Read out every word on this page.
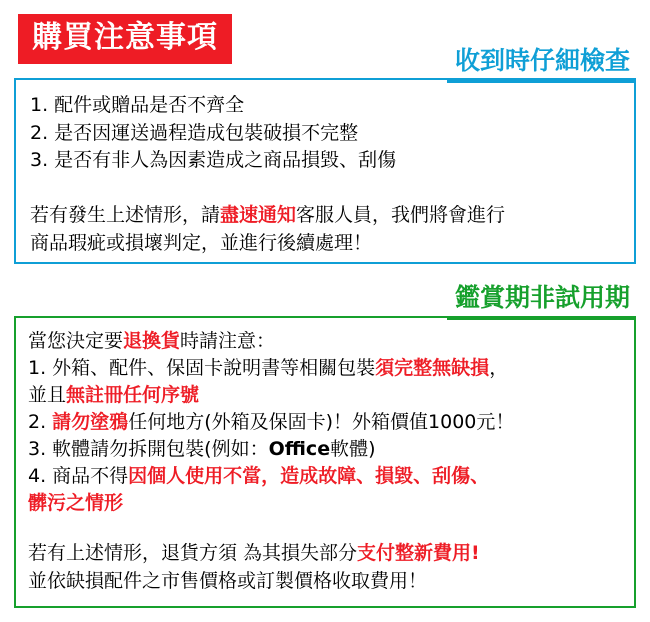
購買注意事項
收到時仔細檢查
1. 配件或贈品是否不齊全
2. 是否因運送過程造成包裝破損不完整
3. 是否有非人為因素造成之商品損毀、刮傷
若有發生上述情形，請盡速通知客服人員，我們將會進行
商品瑕疵或損壞判定，並進行後續處理！
鑑賞期非試用期
當您決定要退換貨時請注意：
1. 外箱、配件、保固卡說明書等相關包裝須完整無缺損，
並且無註冊任何序號
2. 請勿塗鴉任何地方(外箱及保固卡)！外箱價值1000元！
3. 軟體請勿拆開包裝(例如：Office軟體)
4. 商品不得因個人使用不當，造成故障、損毀、刮傷、
髒污之情形
若有上述情形，退貨方須 為其損失部分支付整新費用!
並依缺損配件之市售價格或訂製價格收取費用！
